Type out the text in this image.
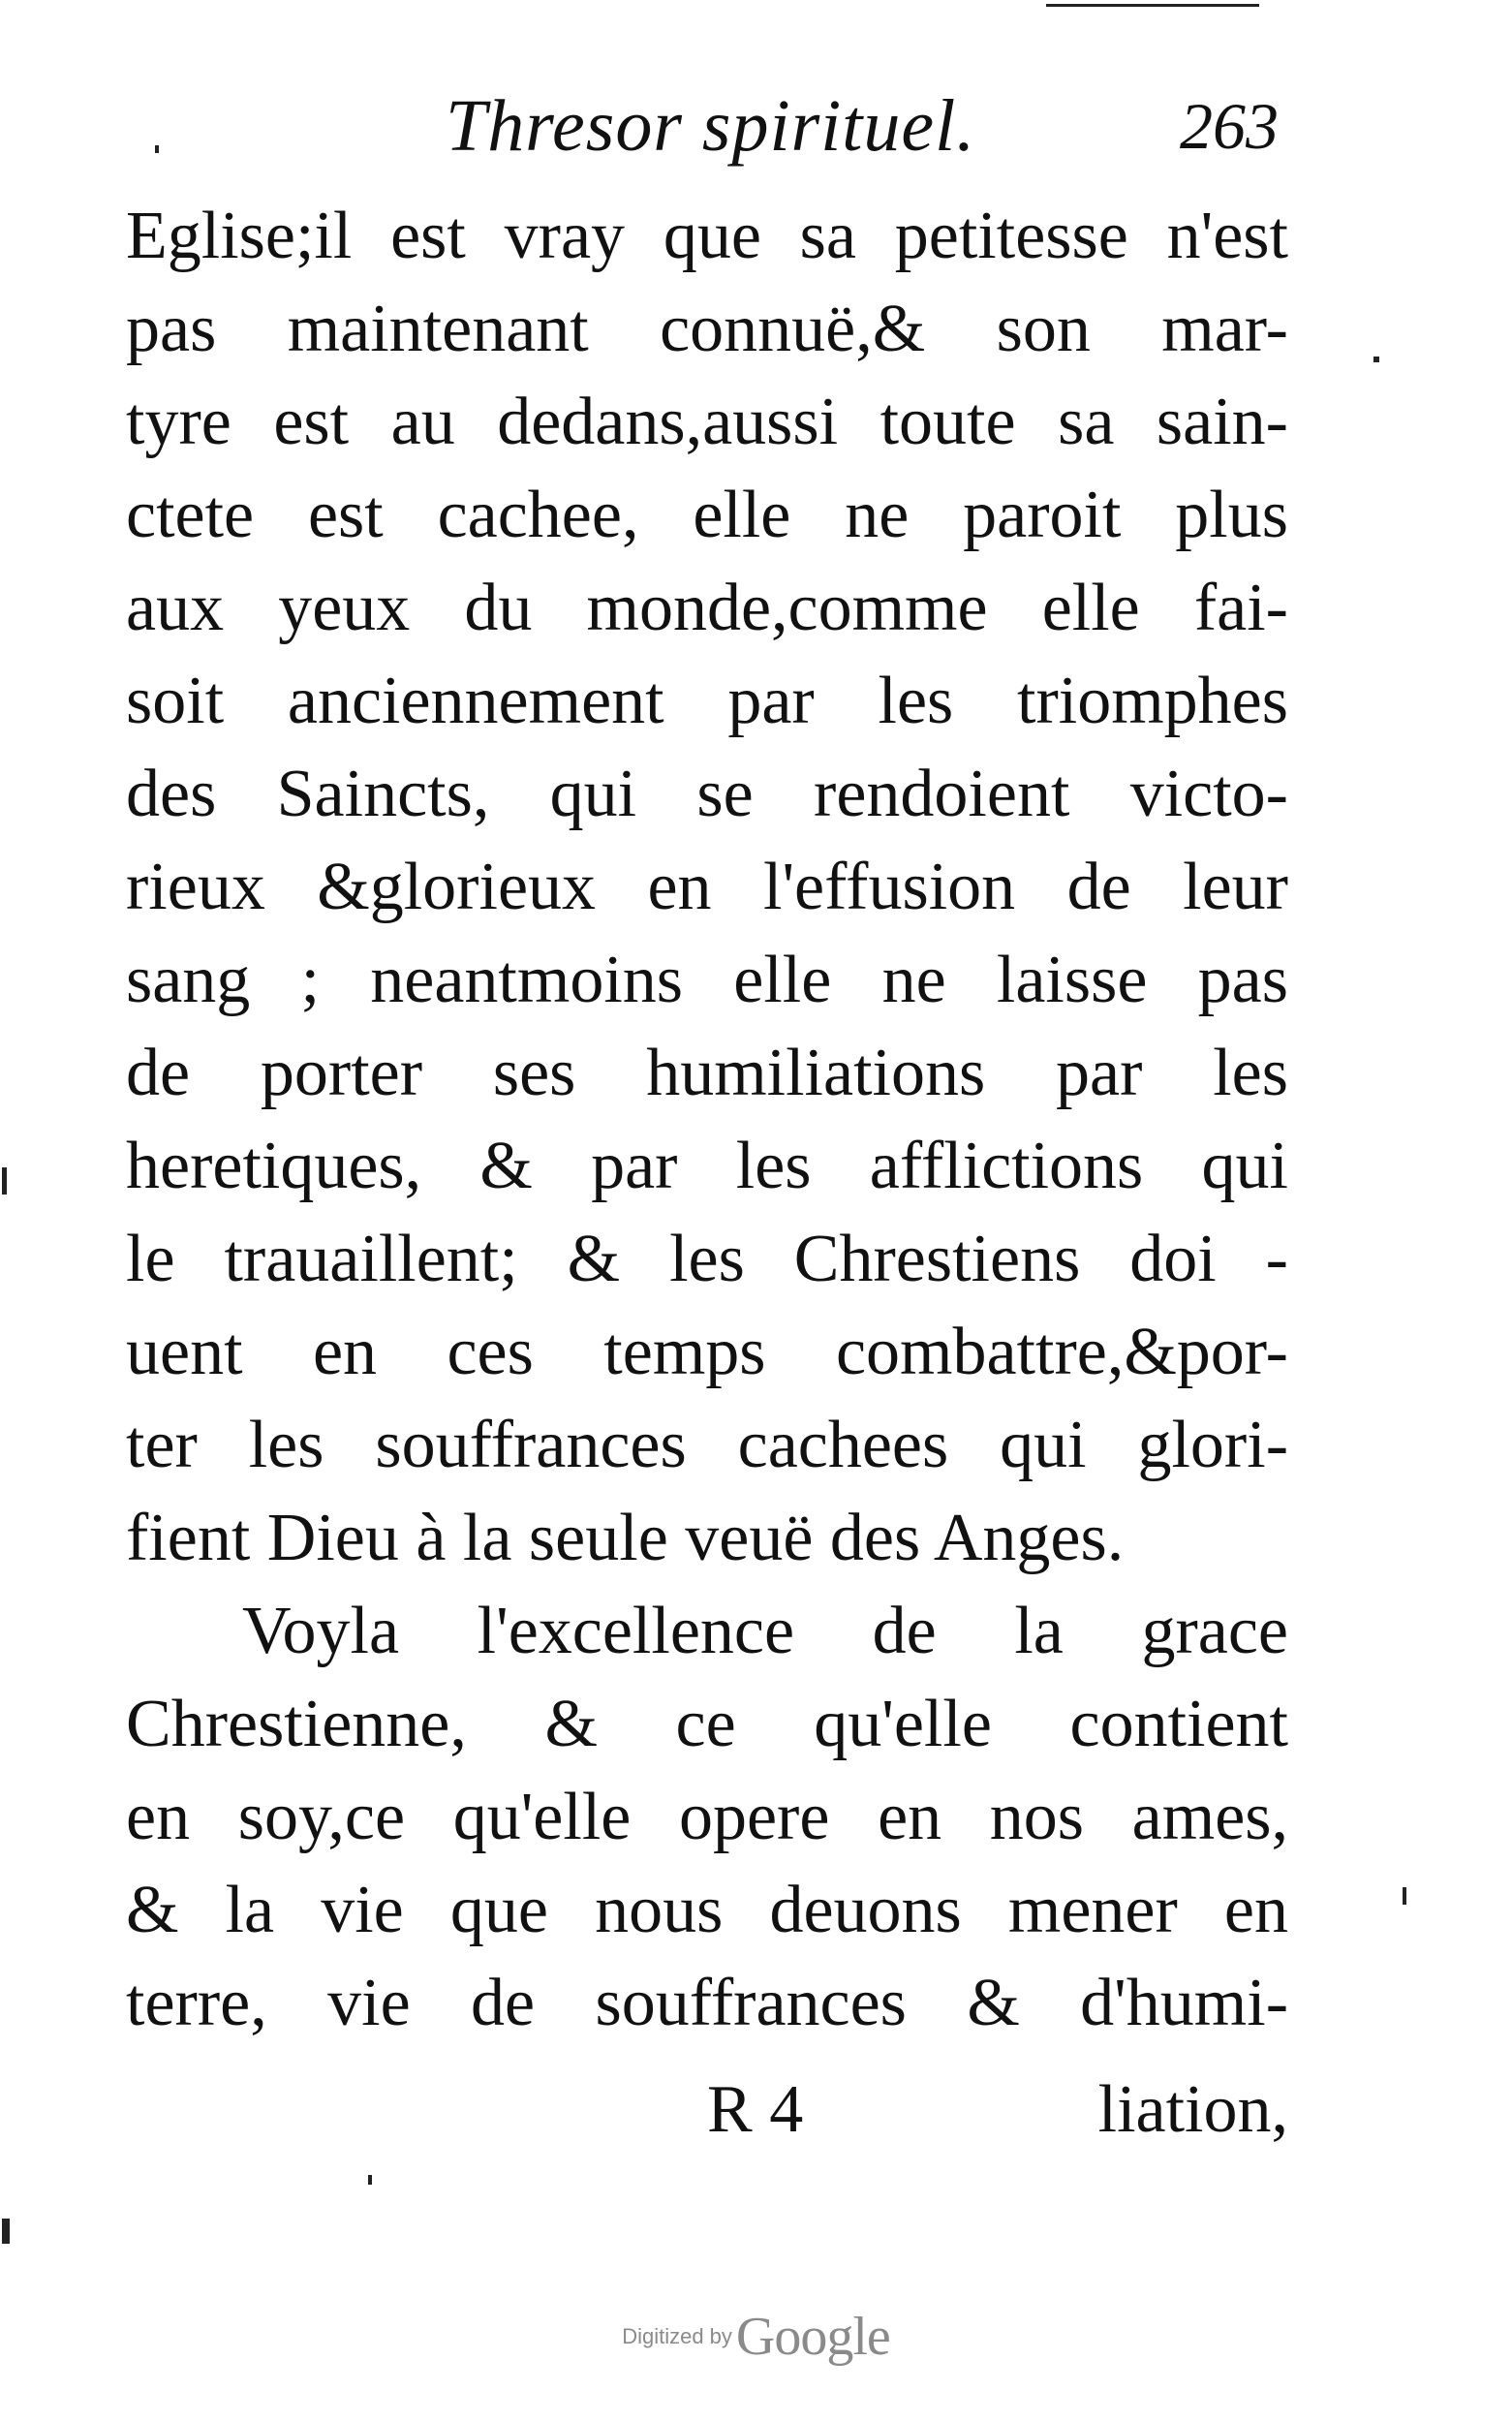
Thresor spirituel.	263
Eglise;il est vray que sa petitesse n'est
pas maintenant connuë,& son mar-
tyre est au dedans,aussi toute sa sain-
ctete est cachee, elle ne paroit plus
aux yeux du monde,comme elle fai-
soit anciennement par les triomphes
des Saincts, qui se rendoient victo-
rieux &glorieux en l'effusion de leur
sang ; neantmoins elle ne laisse pas
de porter ses humiliations par les
heretiques, & par les afflictions qui
le trauaillent; & les Chrestiens doi -
uent en ces temps combattre,&por-
ter les souffrances cachees qui glori-
fient Dieu à la seule veuë des Anges.
Voyla l'excellence de la grace
Chrestienne, & ce qu'elle contient
en soy,ce qu'elle opere en nos ames,
& la vie que nous deuons mener en
terre, vie de souffrances & d'humi-
R 4	liation,
Digitized by Google
